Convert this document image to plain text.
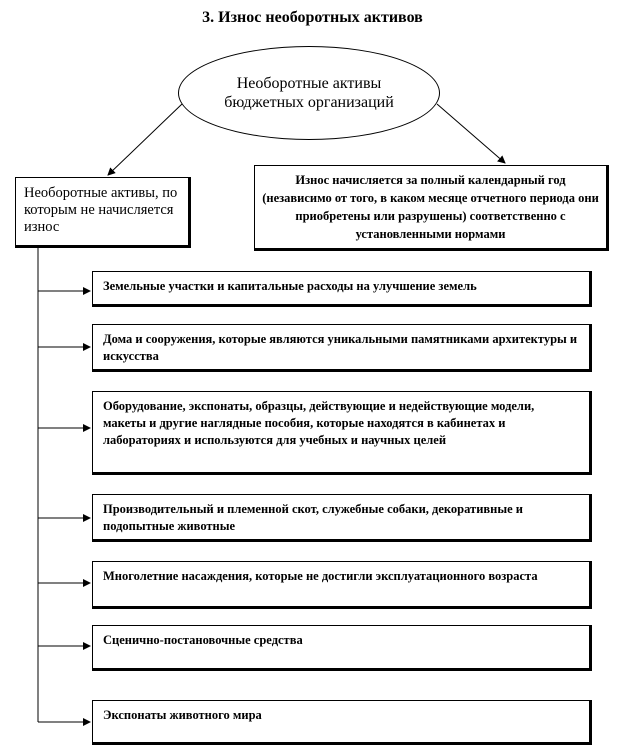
3. Износ необоротных активов
Необоротные активы бюджетных организаций
Необоротные активы, по которым не начисляется износ
Износ начисляется за полный календарный год (независимо от того, в каком месяце отчетного периода они приобретены или разрушены) соответственно с установленными нормами
Земельные участки и капитальные расходы на улучшение земель
Дома и сооружения, которые являются уникальными памятниками архитектуры и искусства
Оборудование, экспонаты, образцы, действующие и недействующие модели, макеты и другие наглядные пособия, которые находятся в кабинетах и лабораториях и используются для учебных и научных целей
Производительный и племенной скот, служебные собаки, декоративные и подопытные животные
Многолетние насаждения, которые не достигли эксплуатационного возраста
Сценично-постановочные средства
Экспонаты животного мира
